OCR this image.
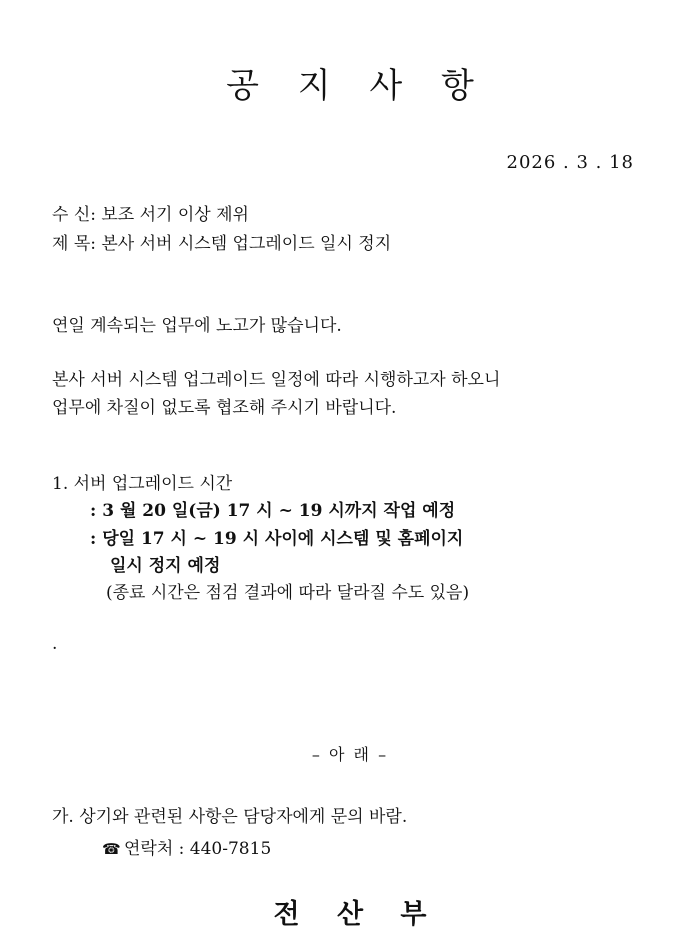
공 지 사 항
2026 . 3 . 18
수 신: 보조 서기 이상 제위
제 목: 본사 서버 시스템 업그레이드 일시 정지
연일 계속되는 업무에 노고가 많습니다.
본사 서버 시스템 업그레이드 일정에 따라 시행하고자 하오니
업무에 차질이 없도록 협조해 주시기 바랍니다.
1. 서버 업그레이드 시간
: 3 월 20 일(금) 17 시 ~ 19 시까지 작업 예정
: 당일 17 시 ~ 19 시 사이에 시스템 및 홈페이지
일시 정지 예정
(종료 시간은 점검 결과에 따라 달라질 수도 있음)
.
– 아 래 –
가. 상기와 관련된 사항은 담당자에게 문의 바람.
☎ 연락처 : 440-7815
전 산 부
